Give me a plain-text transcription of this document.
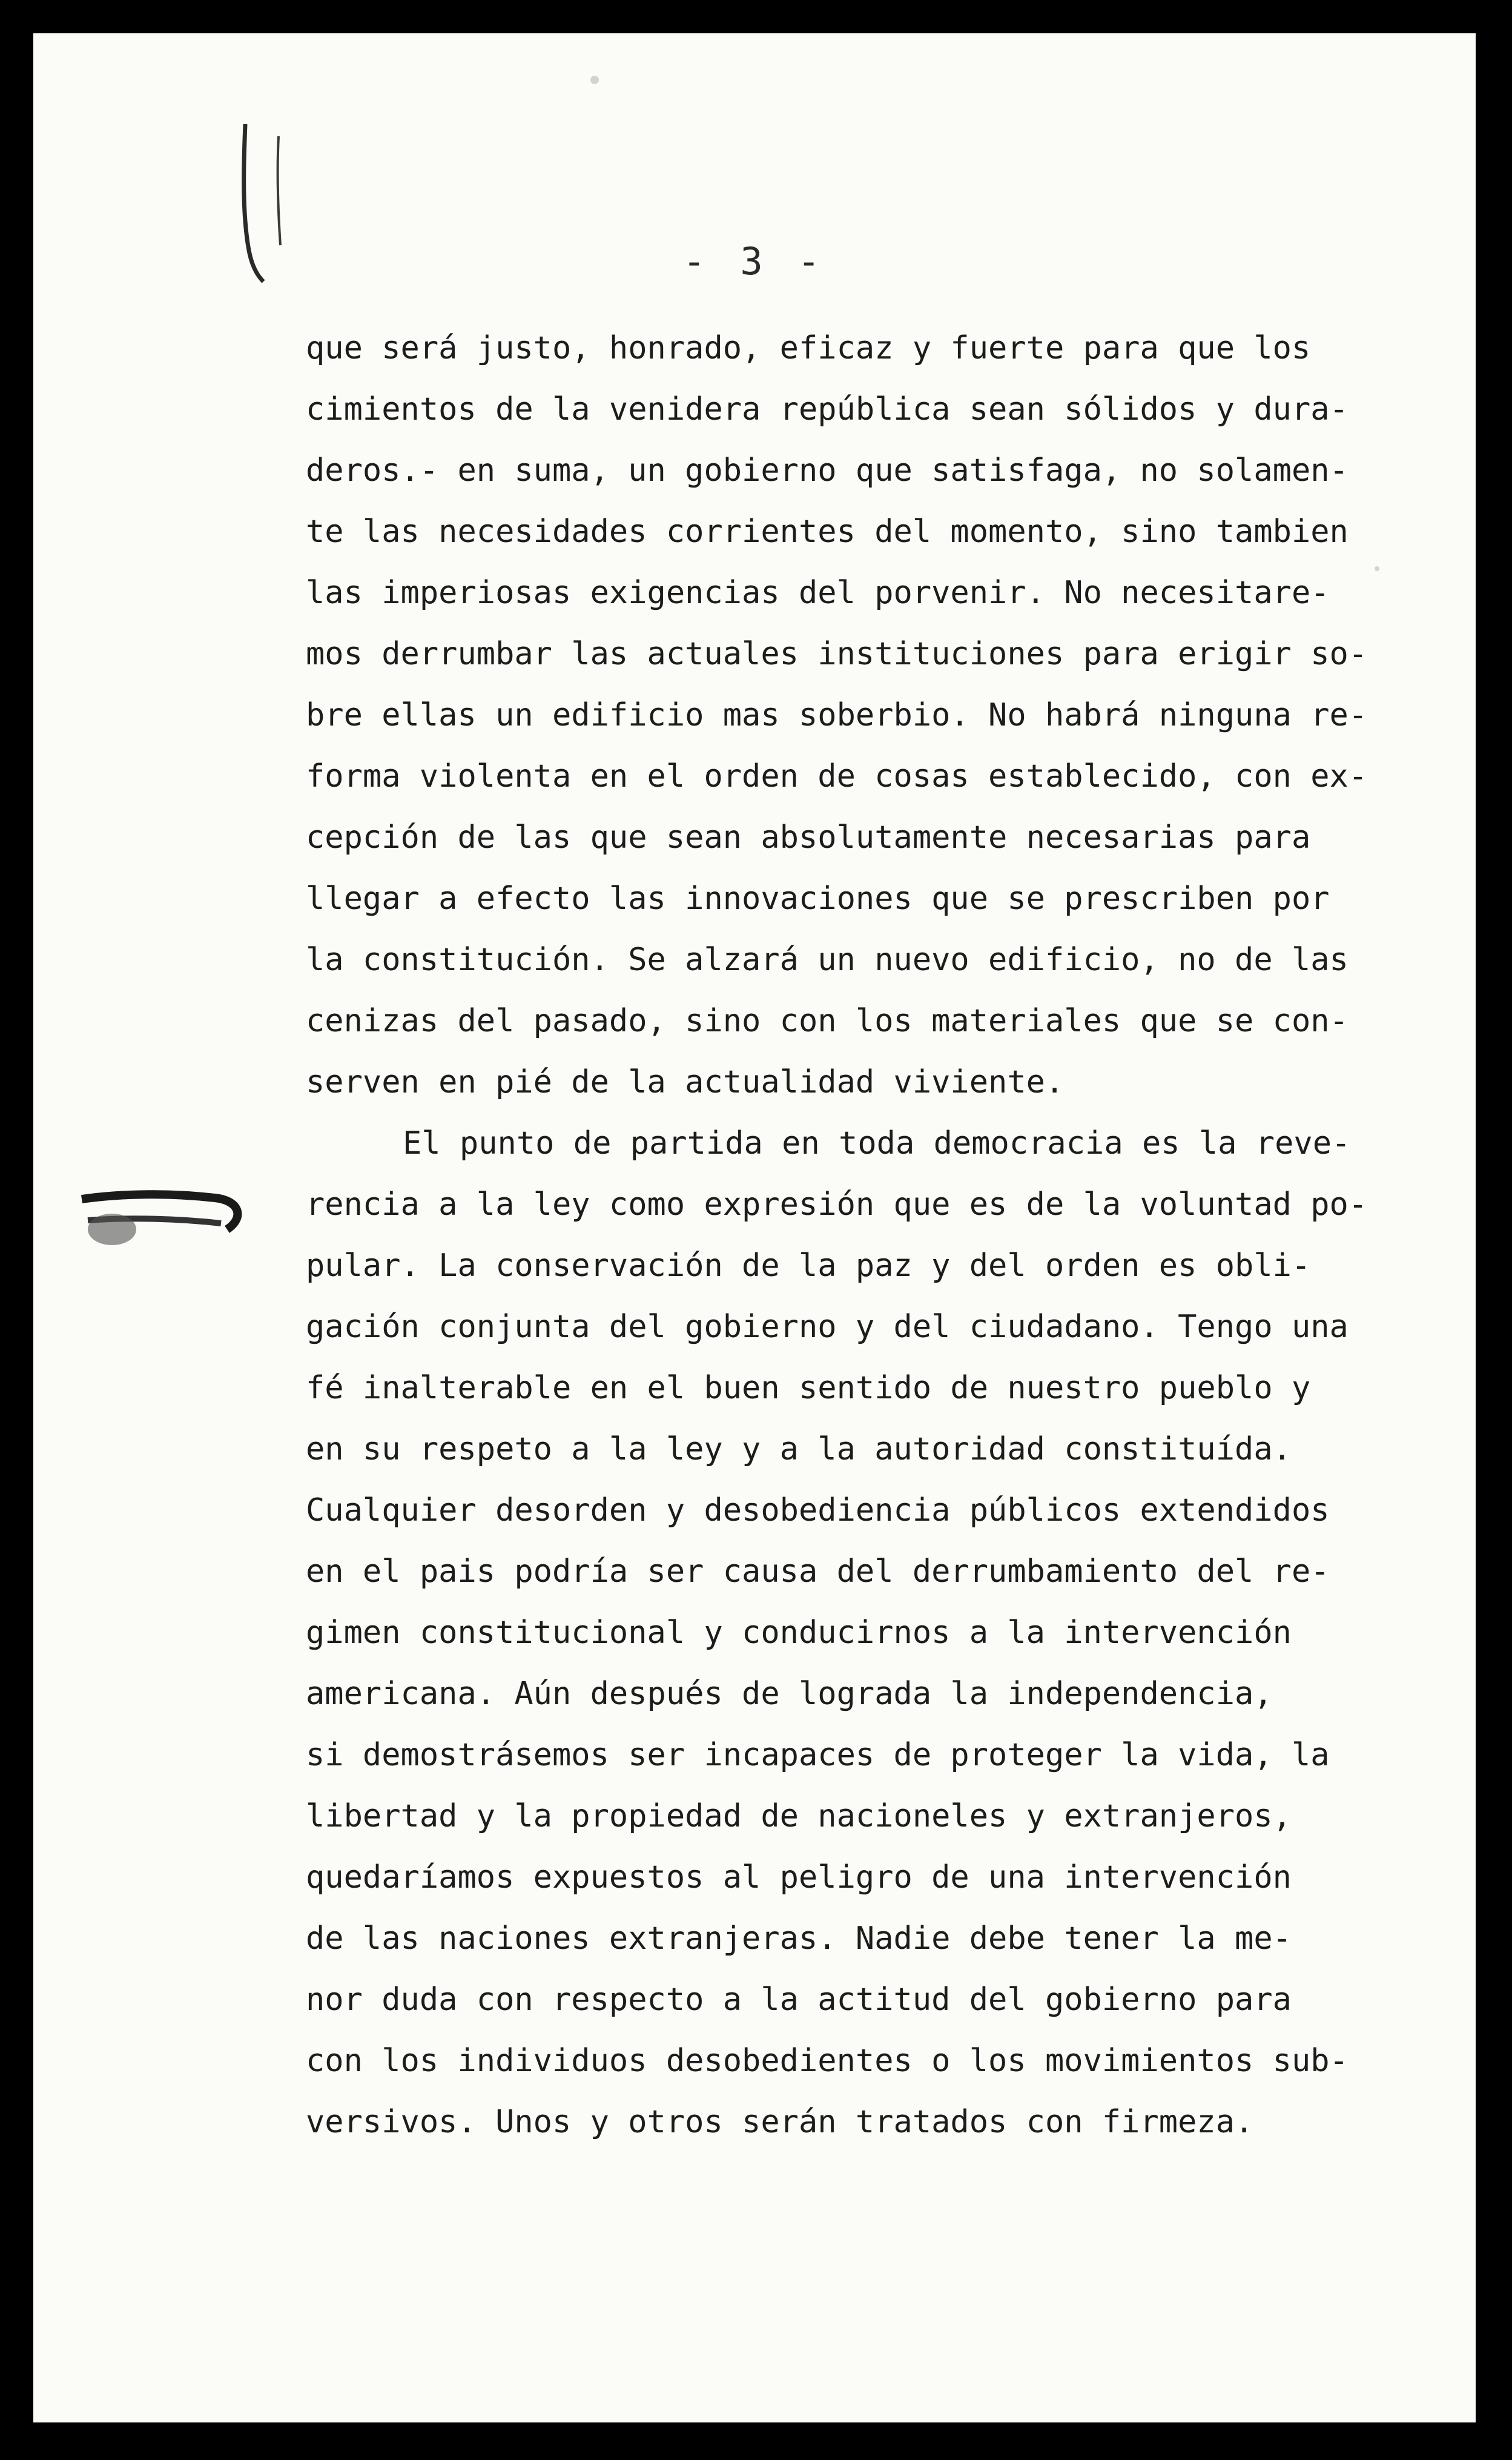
- 3 -
que será justo, honrado, eficaz y fuerte para que los
cimientos de la venidera república sean sólidos y dura-
deros.- en suma, un gobierno que satisfaga, no solamen-
te las necesidades corrientes del momento, sino tambien
las imperiosas exigencias del porvenir. No necesitare-
mos derrumbar las actuales instituciones para erigir so-
bre ellas un edificio mas soberbio. No habrá ninguna re-
forma violenta en el orden de cosas establecido, con ex-
cepción de las que sean absolutamente necesarias para
llegar a efecto las innovaciones que se prescriben por
la constitución. Se alzará un nuevo edificio, no de las
cenizas del pasado, sino con los materiales que se con-
serven en pié de la actualidad viviente.
El punto de partida en toda democracia es la reve-
rencia a la ley como expresión que es de la voluntad po-
pular. La conservación de la paz y del orden es obli-
gación conjunta del gobierno y del ciudadano. Tengo una
fé inalterable en el buen sentido de nuestro pueblo y
en su respeto a la ley y a la autoridad constituída.
Cualquier desorden y desobediencia públicos extendidos
en el pais podría ser causa del derrumbamiento del re-
gimen constitucional y conducirnos a la intervención
americana. Aún después de lograda la independencia,
si demostrásemos ser incapaces de proteger la vida, la
libertad y la propiedad de nacioneles y extranjeros,
quedaríamos expuestos al peligro de una intervención
de las naciones extranjeras. Nadie debe tener la me-
nor duda con respecto a la actitud del gobierno para
con los individuos desobedientes o los movimientos sub-
versivos. Unos y otros serán tratados con firmeza.
